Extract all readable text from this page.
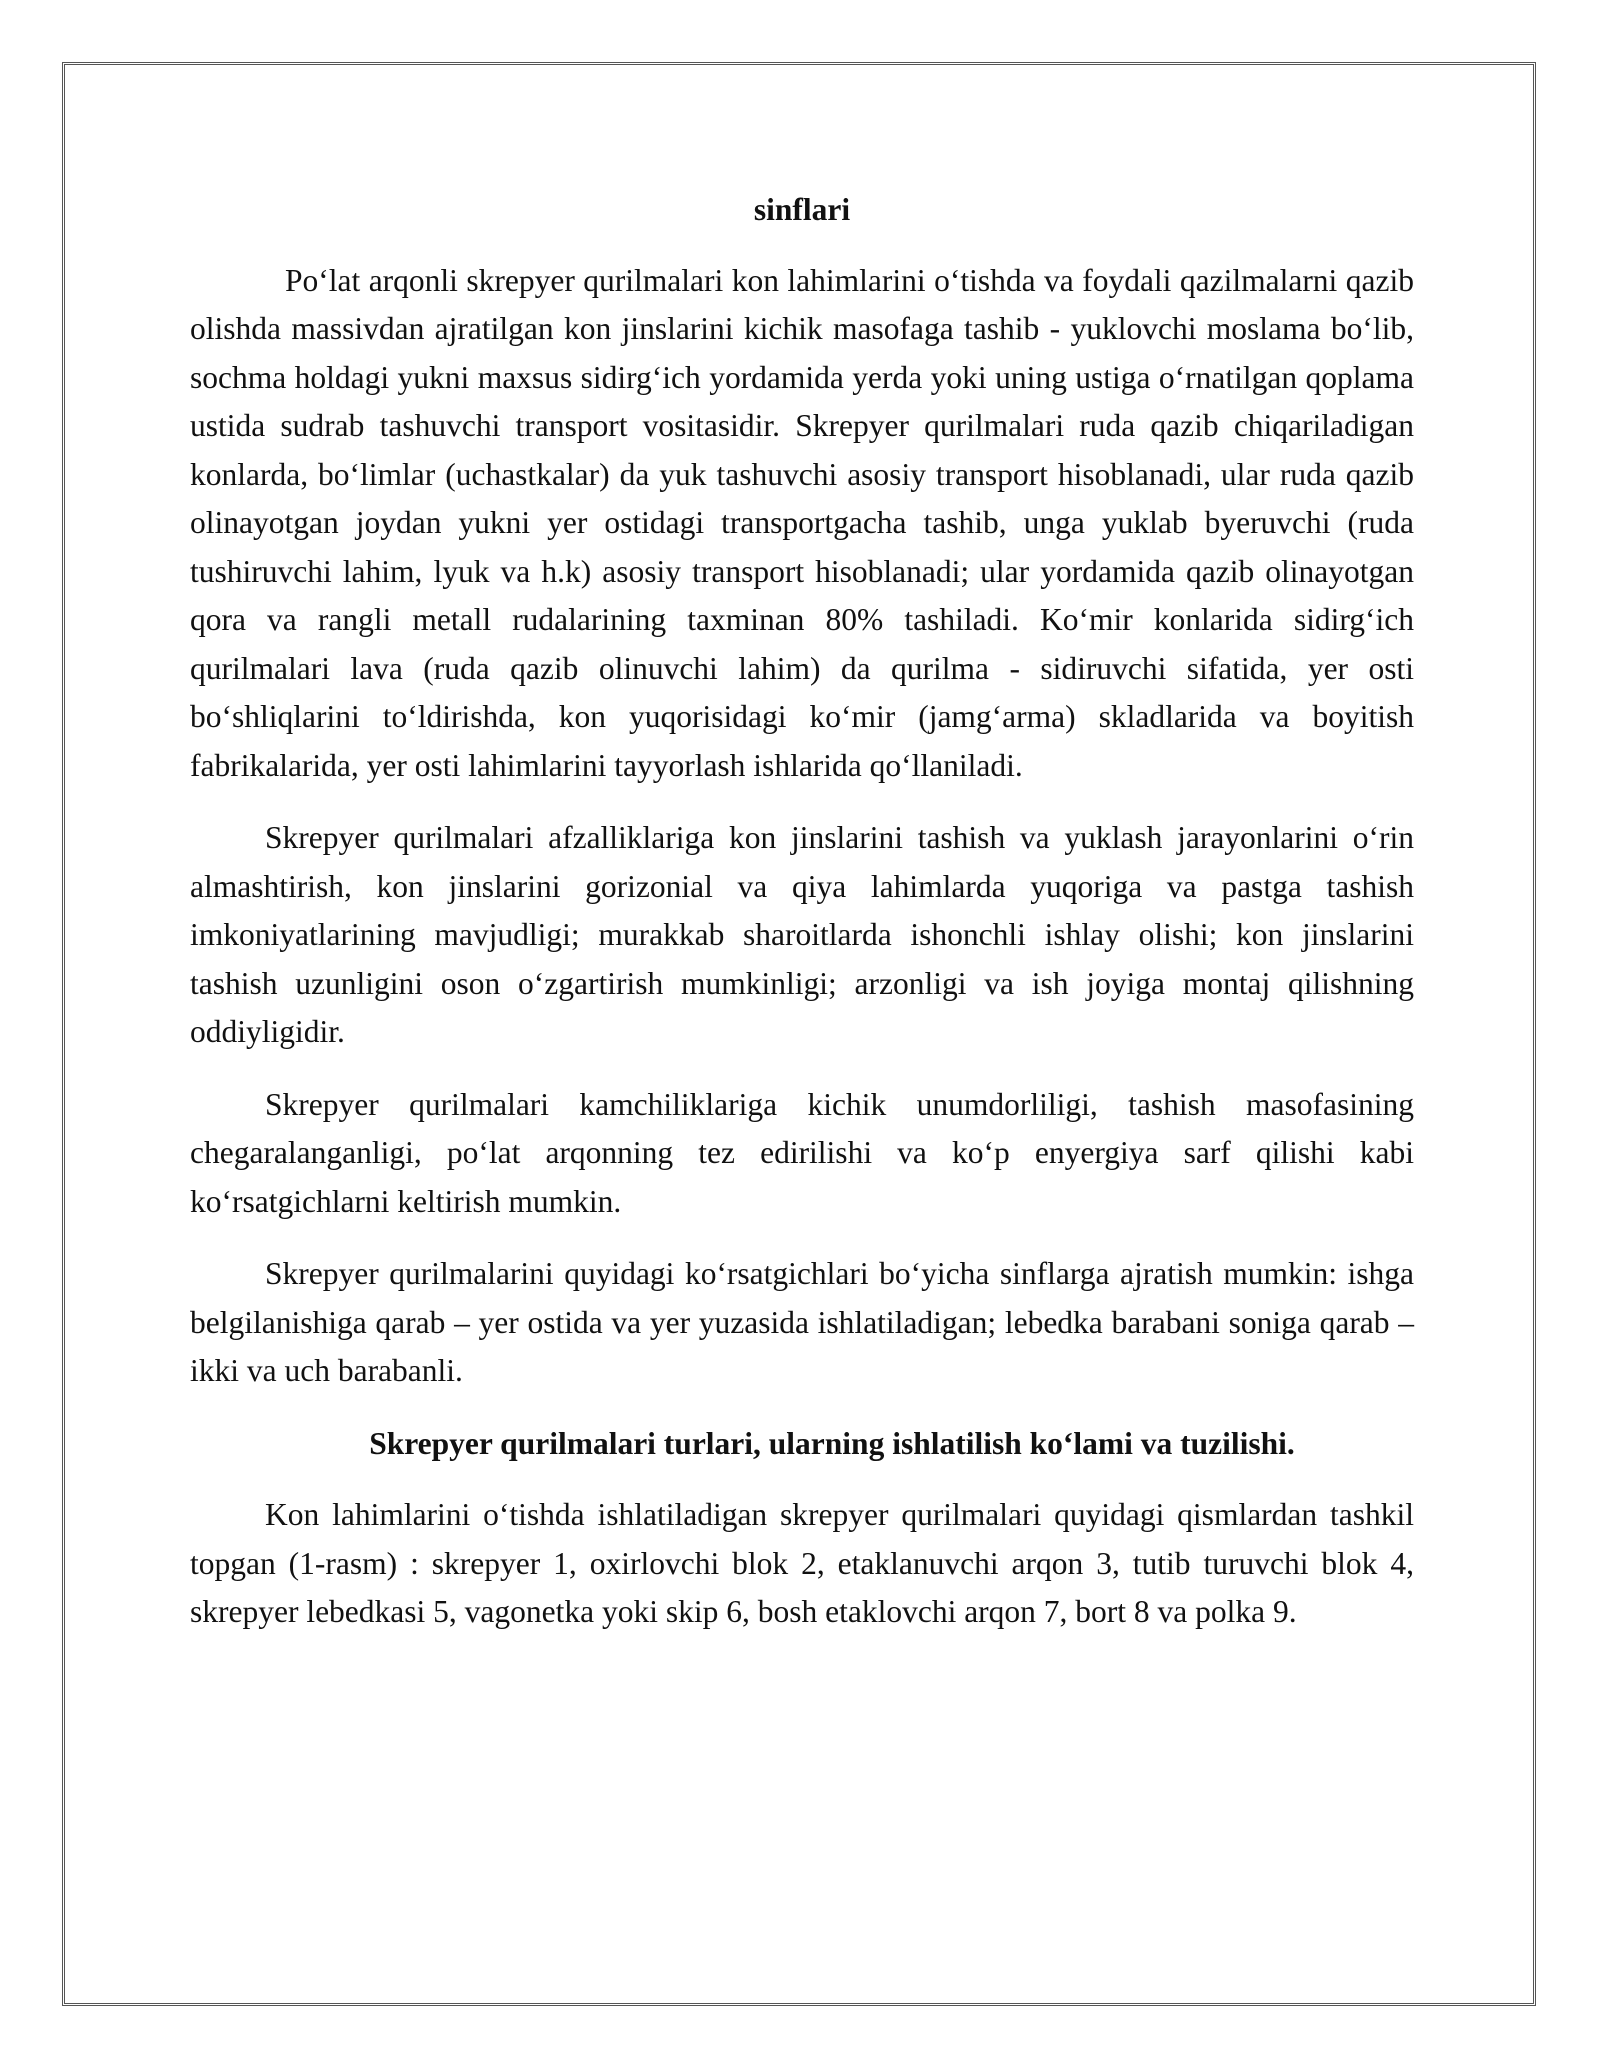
sinflari

Po‘lat arqonli skrepyer qurilmalari kon lahimlarini o‘tishda va foydali qazilmalarni qazib olishda massivdan ajratilgan kon jinslarini kichik masofaga tashib - yuklovchi moslama bo‘lib, sochma holdagi yukni maxsus sidirg‘ich yordamida yerda yoki uning ustiga o‘rnatilgan qoplama ustida sudrab tashuvchi transport vositasidir. Skrepyer qurilmalari ruda qazib chiqariladigan konlarda, bo‘limlar (uchastkalar) da yuk tashuvchi asosiy transport hisoblanadi, ular ruda qazib olinayotgan joydan yukni yer ostidagi transportgacha tashib, unga yuklab byeruvchi (ruda tushiruvchi lahim, lyuk va h.k) asosiy transport hisoblanadi; ular yordamida qazib olinayotgan qora va rangli metall rudalarining taxminan 80% tashiladi. Ko‘mir konlarida sidirg‘ich qurilmalari lava (ruda qazib olinuvchi lahim) da qurilma - sidiruvchi sifatida, yer osti bo‘shliqlarini to‘ldirishda, kon yuqorisidagi ko‘mir (jamg‘arma) skladlarida va boyitish fabrikalarida, yer osti lahimlarini tayyorlash ishlarida qo‘llaniladi.

Skrepyer qurilmalari afzalliklariga kon jinslarini tashish va yuklash jarayonlarini o‘rin almashtirish, kon jinslarini gorizonial va qiya lahimlarda yuqoriga va pastga tashish imkoniyatlarining mavjudligi; murakkab sharoitlarda ishonchli ishlay olishi; kon jinslarini tashish uzunligini oson o‘zgartirish mumkinligi; arzonligi va ish joyiga montaj qilishning oddiyligidir.

Skrepyer qurilmalari kamchiliklariga kichik unumdorliligi, tashish masofasining chegaralanganligi, po‘lat arqonning tez edirilishi va ko‘p enyergiya sarf qilishi kabi ko‘rsatgichlarni keltirish mumkin.

Skrepyer qurilmalarini quyidagi ko‘rsatgichlari bo‘yicha sinflarga ajratish mumkin: ishga belgilanishiga qarab – yer ostida va yer yuzasida ishlatiladigan; lebedka barabani soniga qarab – ikki va uch barabanli.

Skrepyer qurilmalari turlari, ularning ishlatilish ko‘lami va tuzilishi.

Kon lahimlarini o‘tishda ishlatiladigan skrepyer qurilmalari quyidagi qismlardan tashkil topgan (1-rasm) : skrepyer 1, oxirlovchi blok 2, etaklanuvchi arqon 3, tutib turuvchi blok 4, skrepyer lebedkasi 5, vagonetka yoki skip 6, bosh etaklovchi arqon 7, bort 8 va polka 9.
